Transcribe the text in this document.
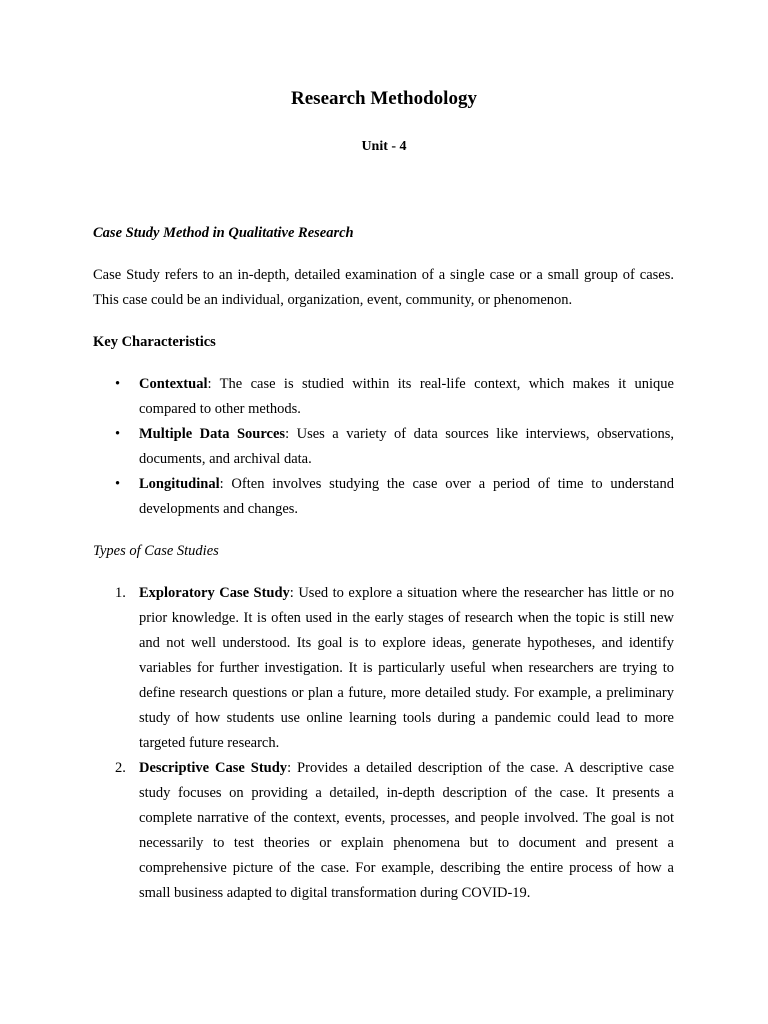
Research Methodology

Unit - 4

Case Study Method in Qualitative Research

Case Study refers to an in-depth, detailed examination of a single case or a small group of cases. This case could be an individual, organization, event, community, or phenomenon.

Key Characteristics

•	Contextual: The case is studied within its real-life context, which makes it unique compared to other methods.
•	Multiple Data Sources: Uses a variety of data sources like interviews, observations, documents, and archival data.
•	Longitudinal: Often involves studying the case over a period of time to understand developments and changes.

Types of Case Studies

1. Exploratory Case Study: Used to explore a situation where the researcher has little or no prior knowledge. It is often used in the early stages of research when the topic is still new and not well understood. Its goal is to explore ideas, generate hypotheses, and identify variables for further investigation. It is particularly useful when researchers are trying to define research questions or plan a future, more detailed study. For example, a preliminary study of how students use online learning tools during a pandemic could lead to more targeted future research.
2. Descriptive Case Study: Provides a detailed description of the case. A descriptive case study focuses on providing a detailed, in-depth description of the case. It presents a complete narrative of the context, events, processes, and people involved. The goal is not necessarily to test theories or explain phenomena but to document and present a comprehensive picture of the case. For example, describing the entire process of how a small business adapted to digital transformation during COVID-19.
